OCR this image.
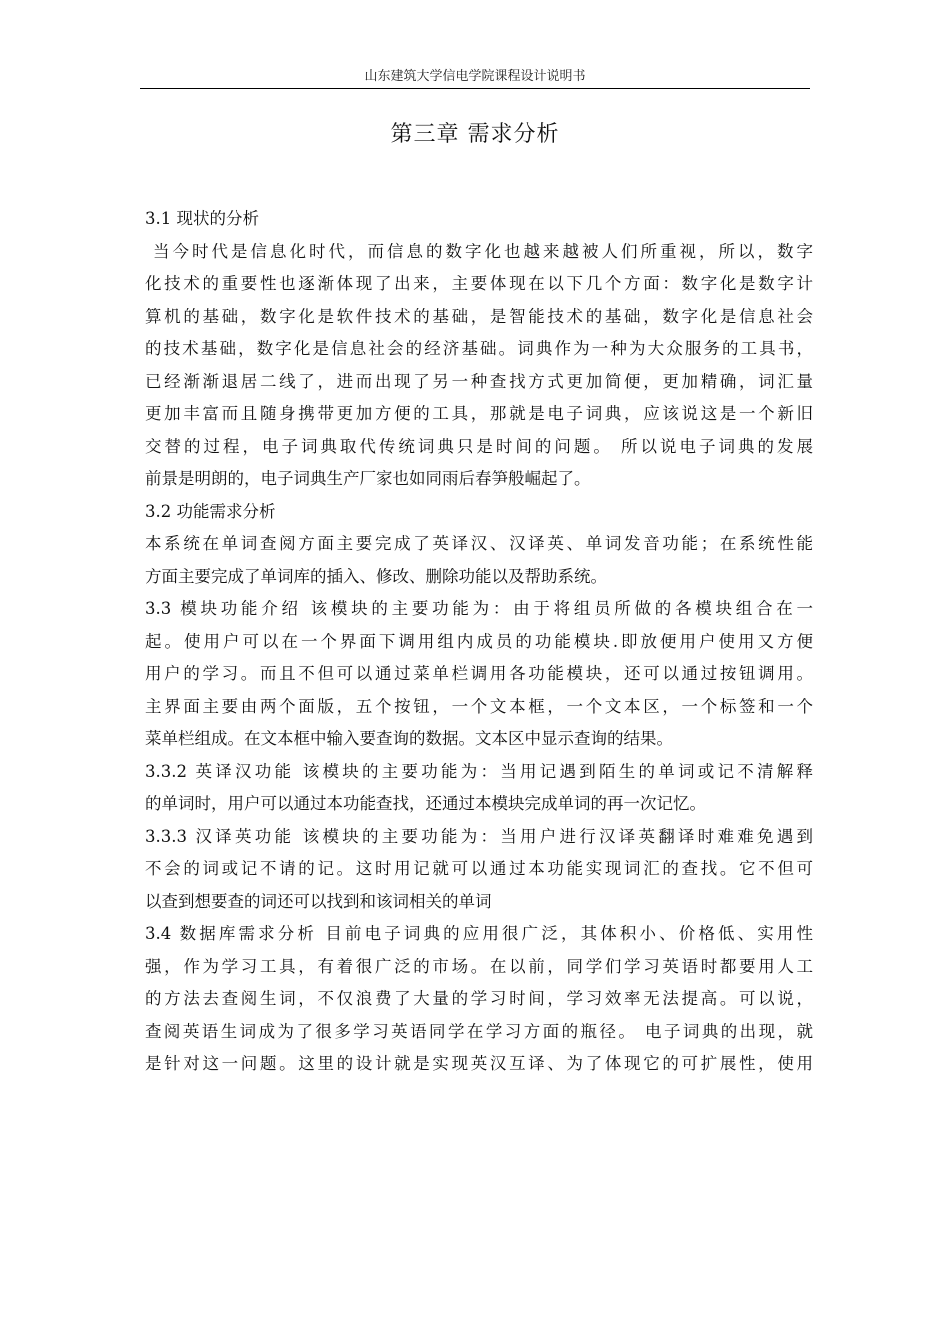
山东建筑大学信电学院课程设计说明书
第三章 需求分析
3.1 现状的分析
当今时代是信息化时代，而信息的数字化也越来越被人们所重视，所以，数字
化技术的重要性也逐渐体现了出来，主要体现在以下几个方面：数字化是数字计
算机的基础，数字化是软件技术的基础，是智能技术的基础，数字化是信息社会
的技术基础，数字化是信息社会的经济基础。词典作为一种为大众服务的工具书，
已经渐渐退居二线了，进而出现了另一种查找方式更加简便，更加精确，词汇量
更加丰富而且随身携带更加方便的工具，那就是电子词典，应该说这是一个新旧
交替的过程，电子词典取代传统词典只是时间的问题。 所以说电子词典的发展
前景是明朗的，电子词典生产厂家也如同雨后春笋般崛起了。
3.2 功能需求分析
本系统在单词查阅方面主要完成了英译汉、汉译英、单词发音功能；在系统性能
方面主要完成了单词库的插入、修改、删除功能以及帮助系统。
3.3 模块功能介绍 该模块的主要功能为：由于将组员所做的各模块组合在一
起。使用户可以在一个界面下调用组内成员的功能模块.即放便用户使用又方便
用户的学习。而且不但可以通过菜单栏调用各功能模块，还可以通过按钮调用。
主界面主要由两个面版，五个按钮，一个文本框，一个文本区，一个标签和一个
菜单栏组成。在文本框中输入要查询的数据。文本区中显示查询的结果。
3.3.2 英译汉功能 该模块的主要功能为：当用记遇到陌生的单词或记不清解释
的单词时，用户可以通过本功能查找，还通过本模块完成单词的再一次记忆。
3.3.3 汉译英功能 该模块的主要功能为：当用户进行汉译英翻译时难难免遇到
不会的词或记不请的记。这时用记就可以通过本功能实现词汇的查找。它不但可
以查到想要查的词还可以找到和该词相关的单词
3.4 数据库需求分析 目前电子词典的应用很广泛，其体积小、价格低、实用性
强，作为学习工具，有着很广泛的市场。在以前，同学们学习英语时都要用人工
的方法去查阅生词，不仅浪费了大量的学习时间，学习效率无法提高。可以说，
查阅英语生词成为了很多学习英语同学在学习方面的瓶径。 电子词典的出现，就
是针对这一问题。这里的设计就是实现英汉互译、为了体现它的可扩展性，使用
